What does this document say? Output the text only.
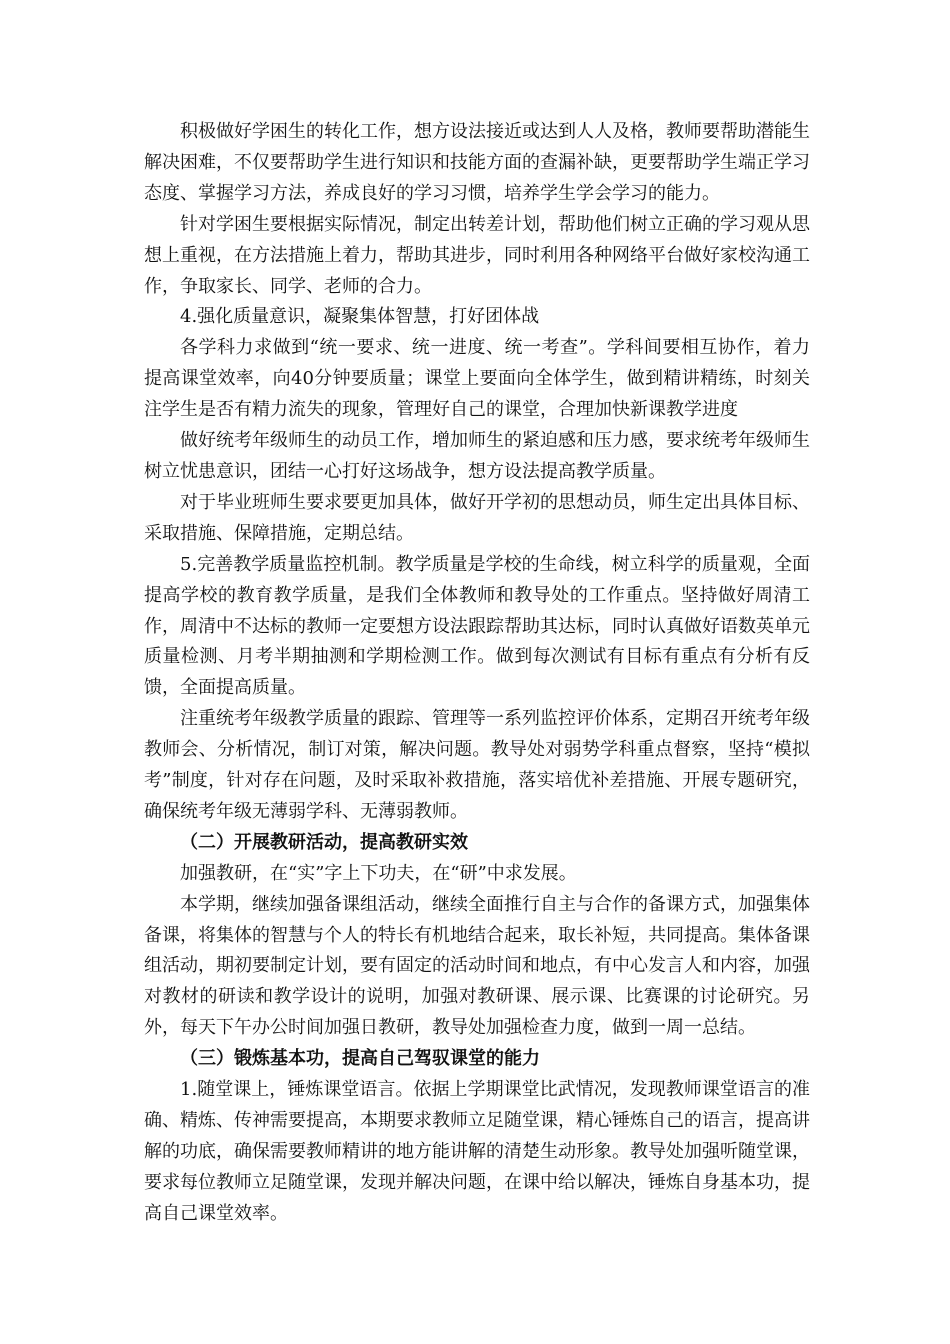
积极做好学困生的转化工作，想方设法接近或达到人人及格，教师要帮助潜能生解决困难，不仅要帮助学生进行知识和技能方面的查漏补缺，更要帮助学生端正学习态度、掌握学习方法，养成良好的学习习惯，培养学生学会学习的能力。

针对学困生要根据实际情况，制定出转差计划，帮助他们树立正确的学习观从思想上重视，在方法措施上着力，帮助其进步，同时利用各种网络平台做好家校沟通工作，争取家长、同学、老师的合力。

4.强化质量意识，凝聚集体智慧，打好团体战

各学科力求做到“统一要求、统一进度、统一考查”。学科间要相互协作，着力提高课堂效率，向40分钟要质量；课堂上要面向全体学生，做到精讲精练，时刻关注学生是否有精力流失的现象，管理好自己的课堂，合理加快新课教学进度

做好统考年级师生的动员工作，增加师生的紧迫感和压力感，要求统考年级师生树立忧患意识，团结一心打好这场战争，想方设法提高教学质量。

对于毕业班师生要求要更加具体，做好开学初的思想动员，师生定出具体目标、采取措施、保障措施，定期总结。

5.完善教学质量监控机制。教学质量是学校的生命线，树立科学的质量观，全面提高学校的教育教学质量，是我们全体教师和教导处的工作重点。坚持做好周清工作，周清中不达标的教师一定要想方设法跟踪帮助其达标，同时认真做好语数英单元质量检测、月考半期抽测和学期检测工作。做到每次测试有目标有重点有分析有反馈，全面提高质量。

注重统考年级教学质量的跟踪、管理等一系列监控评价体系，定期召开统考年级教师会、分析情况，制订对策，解决问题。教导处对弱势学科重点督察，坚持“模拟考”制度，针对存在问题，及时采取补救措施，落实培优补差措施、开展专题研究，确保统考年级无薄弱学科、无薄弱教师。

（二）开展教研活动，提高教研实效

加强教研，在“实”字上下功夫，在“研”中求发展。

本学期，继续加强备课组活动，继续全面推行自主与合作的备课方式，加强集体备课，将集体的智慧与个人的特长有机地结合起来，取长补短，共同提高。集体备课组活动，期初要制定计划，要有固定的活动时间和地点，有中心发言人和内容，加强对教材的研读和教学设计的说明，加强对教研课、展示课、比赛课的讨论研究。另外，每天下午办公时间加强日教研，教导处加强检查力度，做到一周一总结。

（三）锻炼基本功，提高自己驾驭课堂的能力

1.随堂课上，锤炼课堂语言。依据上学期课堂比武情况，发现教师课堂语言的准确、精炼、传神需要提高，本期要求教师立足随堂课，精心锤炼自己的语言，提高讲解的功底，确保需要教师精讲的地方能讲解的清楚生动形象。教导处加强听随堂课，要求每位教师立足随堂课，发现并解决问题，在课中给以解决，锤炼自身基本功，提高自己课堂效率。
